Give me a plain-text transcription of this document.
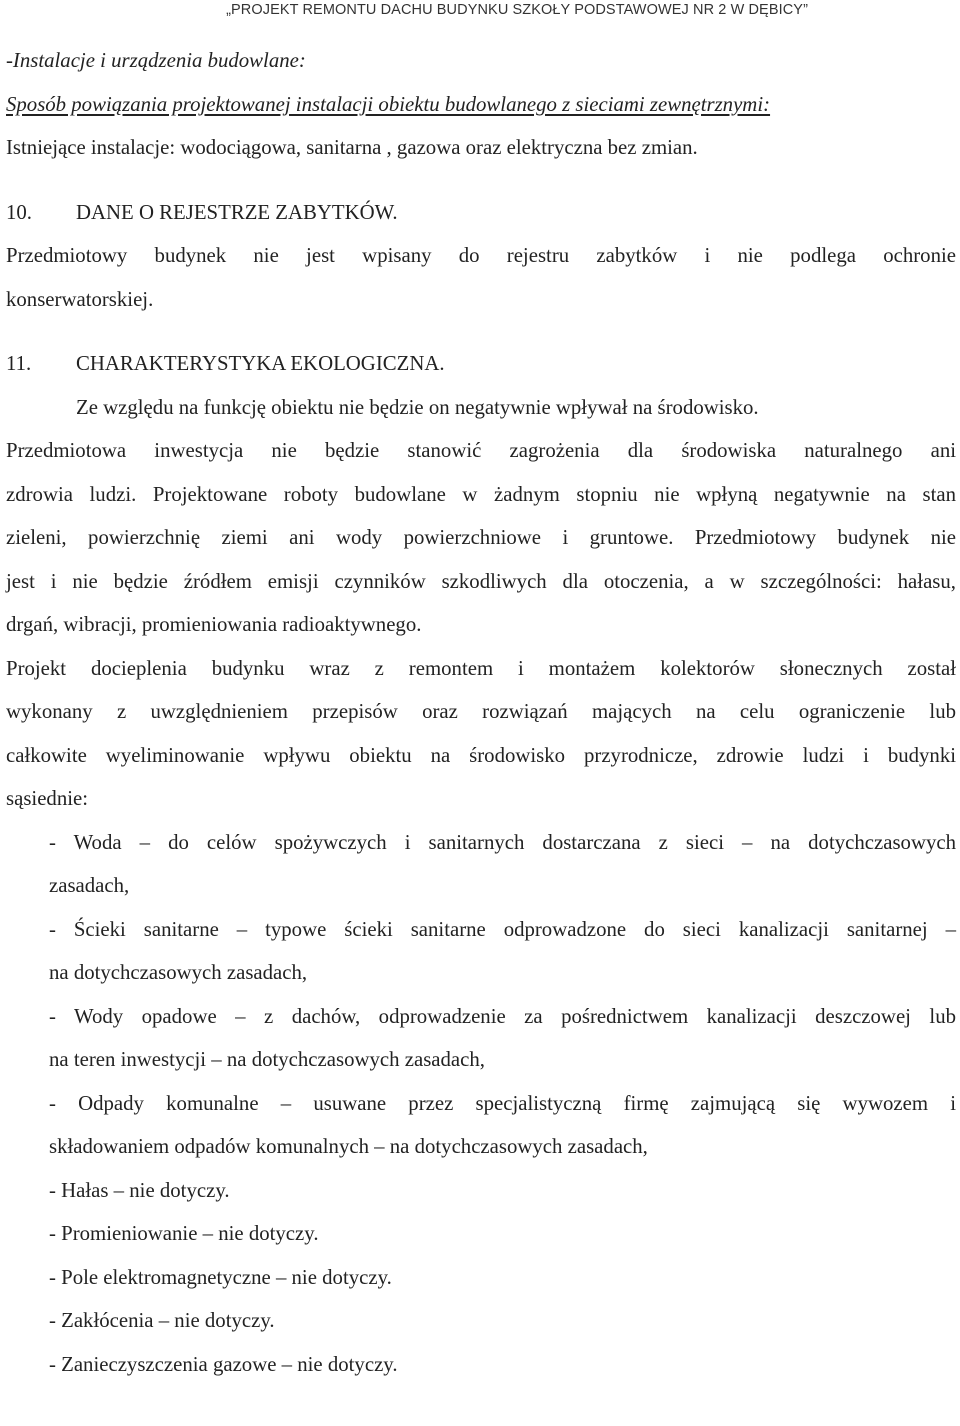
„PROJEKT REMONTU DACHU BUDYNKU SZKOŁY PODSTAWOWEJ NR 2 W DĘBICY”
-Instalacje i urządzenia budowlane:
Sposób powiązania projektowanej instalacji obiektu budowlanego z sieciami zewnętrznymi:
Istniejące instalacje: wodociągowa, sanitarna , gazowa oraz elektryczna bez zmian.
10.	DANE O REJESTRZE ZABYTKÓW.
Przedmiotowy budynek nie jest wpisany do rejestru zabytków i nie podlega ochronie
konserwatorskiej.
11.	CHARAKTERYSTYKA EKOLOGICZNA.
Ze względu na funkcję obiektu nie będzie on negatywnie wpływał na środowisko.
Przedmiotowa inwestycja nie będzie stanowić zagrożenia dla środowiska naturalnego ani
zdrowia ludzi. Projektowane roboty budowlane w żadnym stopniu nie wpłyną negatywnie na stan
zieleni, powierzchnię ziemi ani wody powierzchniowe i gruntowe. Przedmiotowy budynek nie
jest i nie będzie źródłem emisji czynników szkodliwych dla otoczenia, a w szczególności: hałasu,
drgań, wibracji, promieniowania radioaktywnego.
Projekt docieplenia budynku wraz z remontem i montażem kolektorów słonecznych został
wykonany z uwzględnieniem przepisów oraz rozwiązań mających na celu ograniczenie lub
całkowite wyeliminowanie wpływu obiektu na środowisko przyrodnicze, zdrowie ludzi i budynki
sąsiednie:
- Woda – do celów spożywczych i sanitarnych dostarczana z sieci – na dotychczasowych
zasadach,
- Ścieki sanitarne – typowe ścieki sanitarne odprowadzone do sieci kanalizacji sanitarnej –
na dotychczasowych zasadach,
- Wody opadowe – z dachów, odprowadzenie za pośrednictwem kanalizacji deszczowej lub
na teren inwestycji – na dotychczasowych zasadach,
- Odpady komunalne – usuwane przez specjalistyczną firmę zajmującą się wywozem i
składowaniem odpadów komunalnych – na dotychczasowych zasadach,
- Hałas – nie dotyczy.
- Promieniowanie – nie dotyczy.
- Pole elektromagnetyczne – nie dotyczy.
- Zakłócenia – nie dotyczy.
- Zanieczyszczenia gazowe – nie dotyczy.
